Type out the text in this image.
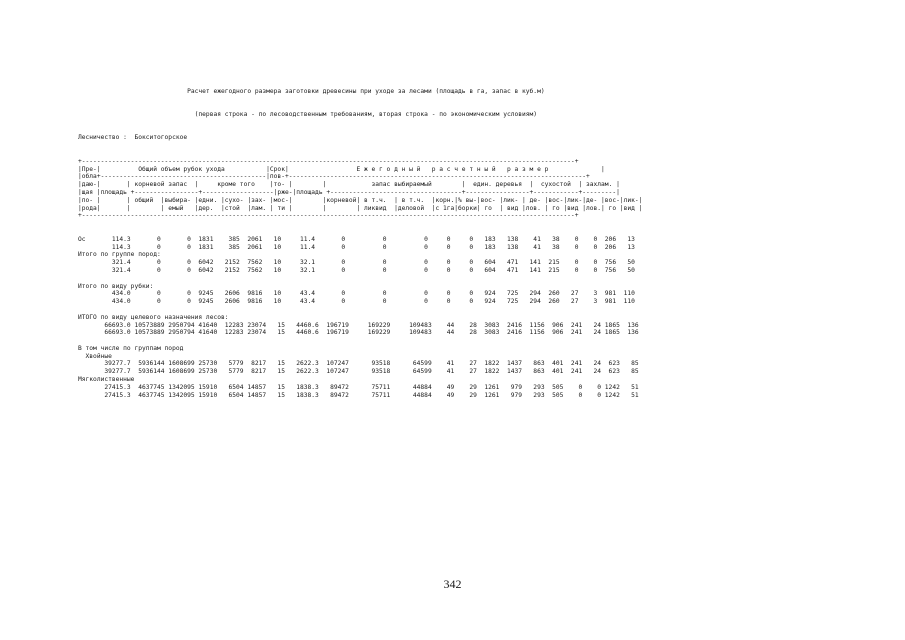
Расчет ежегодного размера заготовки древесины при уходе за лесами (площадь в га, запас в куб.м)

(первая строка - по лесоводственным требованиям, вторая строка - по экономическим условиям)

Лесничество :  Бокситогорское

+-----------------------------------------------------------------------------------------------------------------------------------+
|Пре-|          Общий объем рубок ухода           |Срок|                  Е ж е г о д н ы й   р а с ч е т н ы й   р а з м е р              |
|обла+--------------------------------------------|пов-+-------------------------------------------------------------------------------+
|даю-|       | корневой запас  |     кроме того    |то- |        |            запас выбираемый        |  един. деревья  |  сухостой  | захлам. |
|щая |площадь +-----------------+-------------------|рже-|площадь +-----------------------------------+-----------------+------------+---------|
|по- |       | общий  |выбира- |едни. |сухо- |зах- |мос-|        |корневой| в т.ч.  | в т.ч.  |корн.|% вы-|вос- |лик- | де- |вос-|лик-|де- |вос-|лик-|
|рода|       |        | емый   |дер.  |стой  |лам. | ти |        |        | ликвид  |деловой  |с 1га|борки| го  | вид |лов. | го |вид |лов.| го |вид |
+-----------------------------------------------------------------------------------------------------------------------------------+

Ос       114.3       0       0  1831    385  2061   10     11.4       0          0          0     0     0   183   138    41   38    0    0  206   13
114.3       0       0  1831    385  2061   10     11.4       0          0          0     0     0   183   138    41   38    0    0  206   13
Итого по группе пород:
321.4       0       0  6042   2152  7562   10     32.1       0          0          0     0     0   604   471   141  215    0    0  756   50
321.4       0       0  6042   2152  7562   10     32.1       0          0          0     0     0   604   471   141  215    0    0  756   50
Итого по виду рубки:
434.0       0       0  9245   2606  9816   10     43.4       0          0          0     0     0   924   725   294  260   27    3  981  110
434.0       0       0  9245   2606  9816   10     43.4       0          0          0     0     0   924   725   294  260   27    3  981  110
ИТОГО по виду целевого назначения лесов:
66693.0 10573889 2950794 41640  12283 23074   15   4460.6  196719     169229     109483    44    28  3083  2416  1156  906  241   24 1865  136
66693.0 10573889 2950794 41640  12283 23074   15   4460.6  196719     169229     109483    44    28  3083  2416  1156  906  241   24 1865  136
В том числе по группам пород
Хвойные
39277.7  5936144 1608699 25730   5779  8217   15   2622.3  107247      93518      64599    41    27  1822  1437   863  401  241   24  623   85
39277.7  5936144 1608699 25730   5779  8217   15   2622.3  107247      93518      64599    41    27  1822  1437   863  401  241   24  623   85
Мягколиственные
27415.3  4637745 1342095 15910   6504 14857   15   1838.3   89472      75711      44884    49    29  1261   979   293  505    0    0 1242   51
27415.3  4637745 1342095 15910   6504 14857   15   1838.3   89472      75711      44884    49    29  1261   979   293  505    0    0 1242   51

342
